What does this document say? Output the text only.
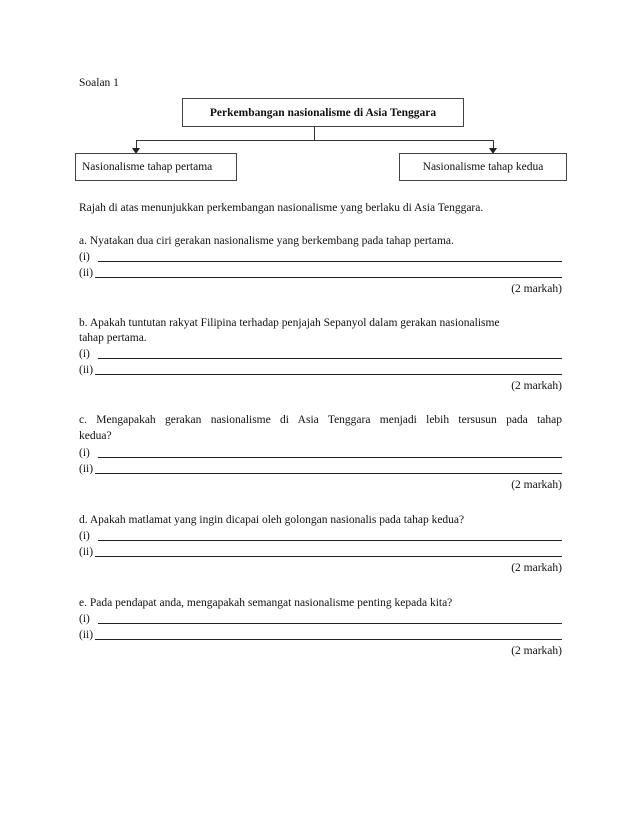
Soalan 1
Perkembangan nasionalisme di Asia Tenggara
Nasionalisme tahap pertama	Nasionalisme tahap kedua
Rajah di atas menunjukkan perkembangan nasionalisme yang berlaku di Asia Tenggara.
a. Nyatakan dua ciri gerakan nasionalisme yang berkembang pada tahap pertama.
(i)
(ii)
(2 markah)
b. Apakah tuntutan rakyat Filipina terhadap penjajah Sepanyol dalam gerakan nasionalisme
tahap pertama.
(i)
(ii)
(2 markah)
c. Mengapakah gerakan nasionalisme di Asia Tenggara menjadi lebih tersusun pada tahap
kedua?
(i)
(ii)
(2 markah)
d. Apakah matlamat yang ingin dicapai oleh golongan nasionalis pada tahap kedua?
(i)
(ii)
(2 markah)
e. Pada pendapat anda, mengapakah semangat nasionalisme penting kepada kita?
(i)
(ii)
(2 markah)
